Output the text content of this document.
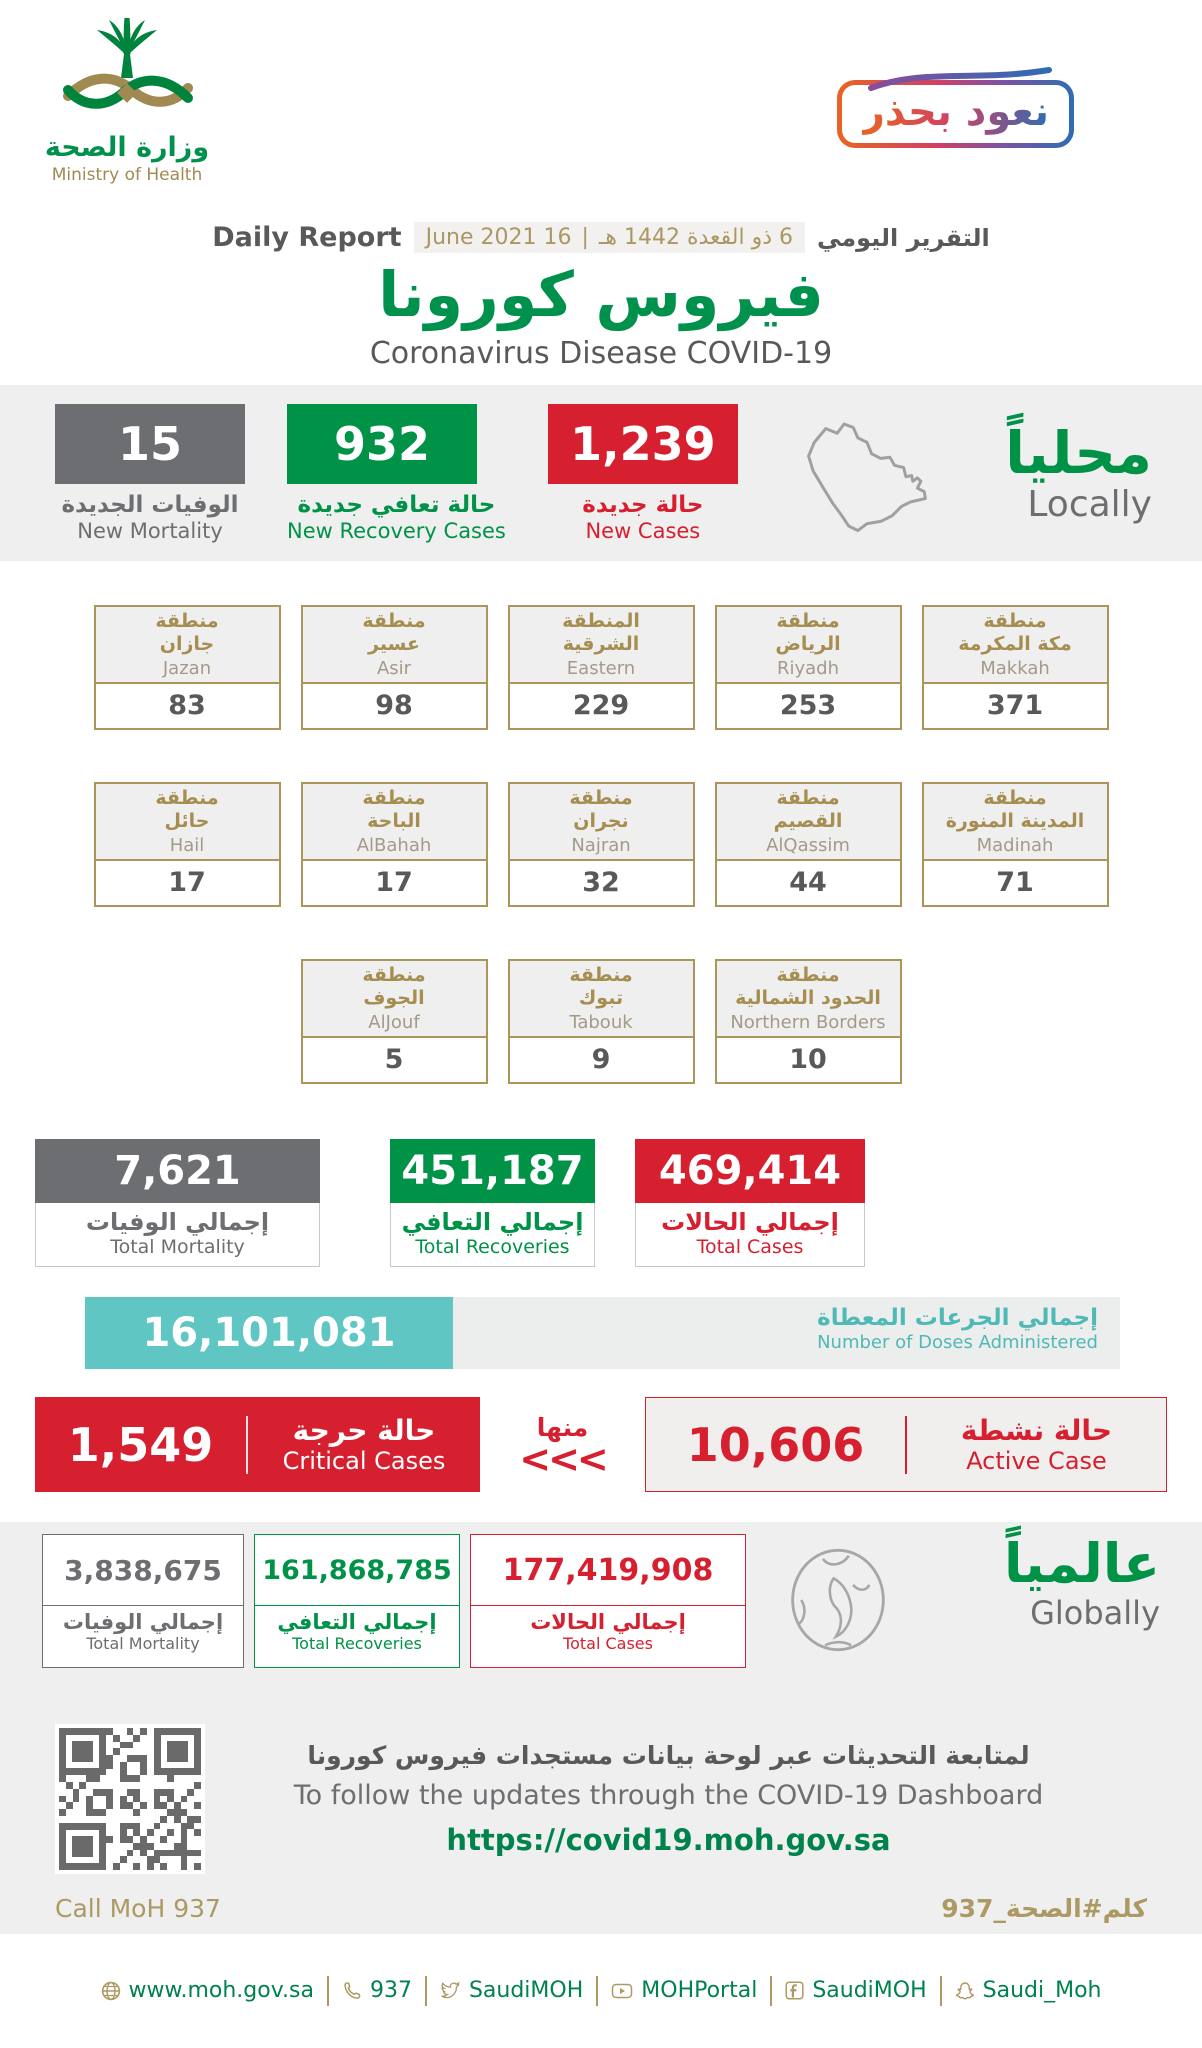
وزارة الصحة
Ministry of Health
نعود بحذر
التقرير اليومي
6 ذو القعدة 1442 هـ
|
16 June 2021
Daily Report
فيروس كورونا
Coronavirus Disease COVID-19
15
الوفيات الجديدة
New Mortality
932
حالة تعافي جديدة
New Recovery Cases
1,239
حالة جديدة
New Cases
محلياً
Locally
منطقة
جازان
Jazan
83
منطقة
عسير
Asir
98
المنطقة
الشرقية
Eastern
229
منطقة
الرياض
Riyadh
253
منطقة
مكة المكرمة
Makkah
371
منطقة
حائل
Hail
17
منطقة
الباحة
AlBahah
17
منطقة
نجران
Najran
32
منطقة
القصيم
AlQassim
44
منطقة
المدينة المنورة
Madinah
71
منطقة
الجوف
AlJouf
5
منطقة
تبوك
Tabouk
9
منطقة
الحدود الشمالية
Northern Borders
10
7,621
إجمالي الوفيات
Total Mortality
451,187
إجمالي التعافي
Total Recoveries
469,414
إجمالي الحالات
Total Cases
16,101,081	إجمالي الجرعات المعطاة
Number of Doses Administered
1,549	حالة حرجة
Critical Cases
منها
<<<	10,606	حالة نشطة
Active Case
3,838,675
إجمالي الوفيات
Total Mortality
161,868,785
إجمالي التعافي
Total Recoveries
177,419,908
إجمالي الحالات
Total Cases
عالمياً
Globally
لمتابعة التحديثات عبر لوحة بيانات مستجدات فيروس كورونا
To follow the updates through the COVID-19 Dashboard
https://covid19.moh.gov.sa
Call MoH 937	كلم#الصحة_937
www.moh.gov.sa	937	SaudiMOH	MOHPortal	SaudiMOH	Saudi_Moh
